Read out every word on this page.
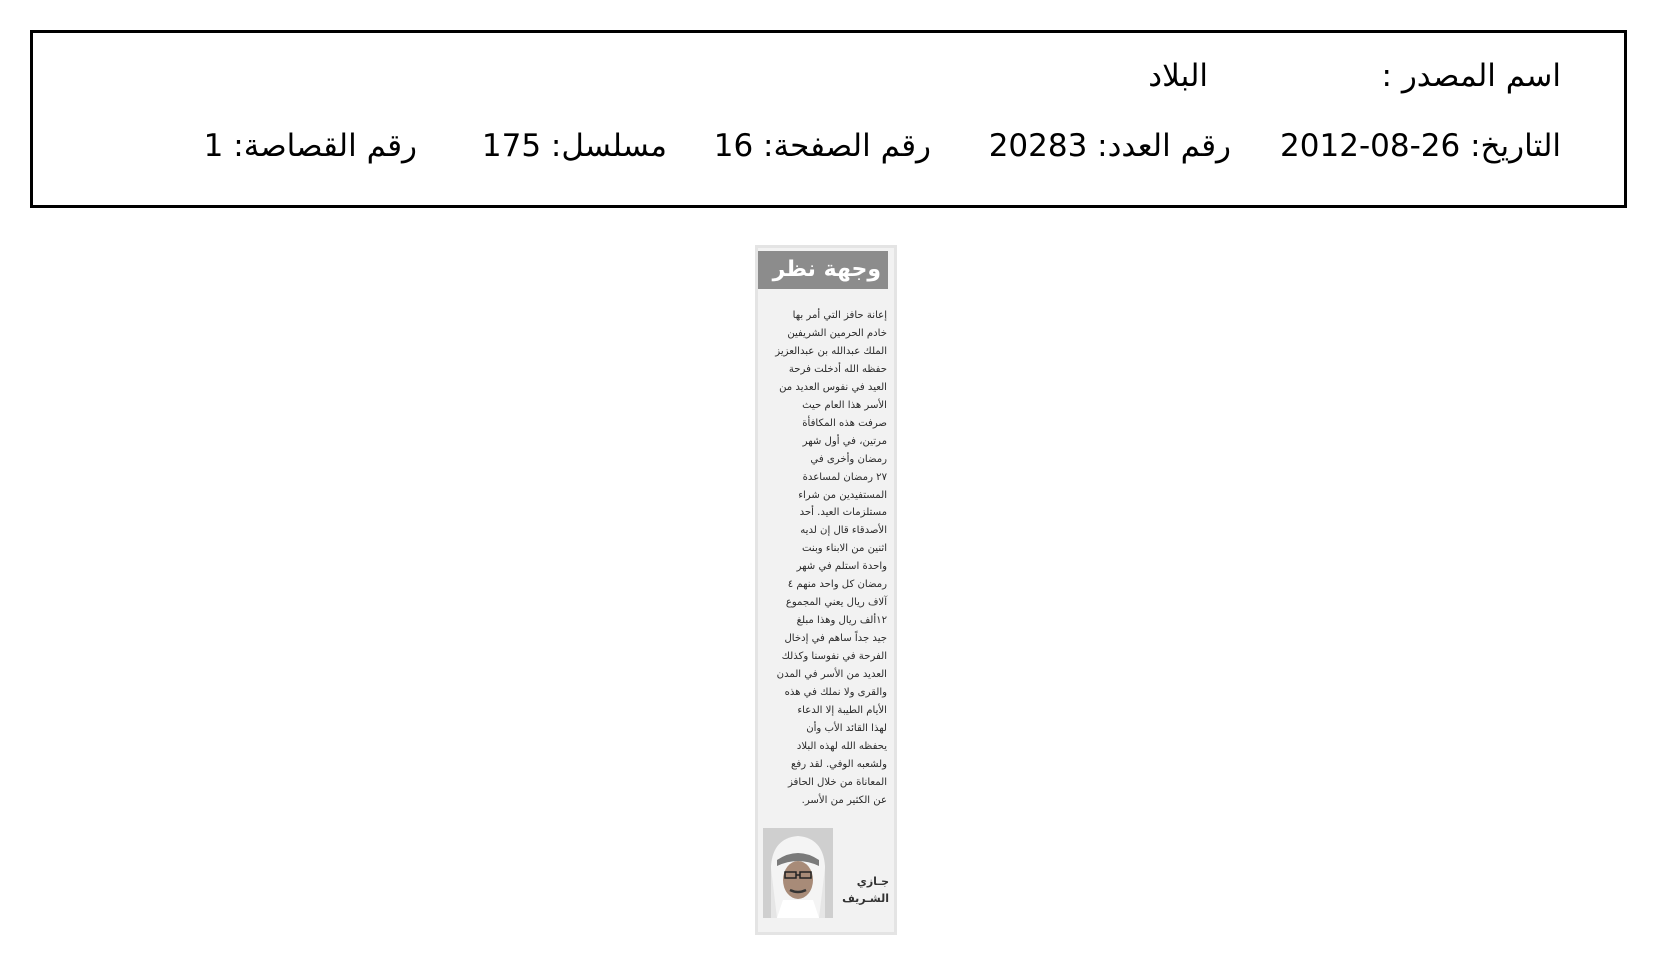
اسم المصدر :
البلاد
التاريخ: 26-08-2012
رقم العدد: 20283
رقم الصفحة: 16
مسلسل: 175
رقم القصاصة: 1
وجهة نظر
إعانة حافز التي أمر بها
خادم الحرمين الشريفين
الملك عبدالله بن عبدالعزيز
حفظه الله أدخلت فرحة
العيد في نفوس العديد من
الأسر هذا العام حيث
صرفت هذه المكافأة
مرتين، في أول شهر
رمضان وأخرى في
٢٧ رمضان لمساعدة
المستفيدين من شراء
مستلزمات العيد. أحد
الأصدقاء قال إن لديه
اثنين من الابناء وبنت
واحدة استلم في شهر
رمضان كل واحد منهم ٤
آلاف ريال يعني المجموع
١٢ألف ريال وهذا مبلغ
جيد جداً ساهم في إدخال
الفرحة في نفوسنا وكذلك
العديد من الأسر في المدن
والقرى ولا نملك في هذه
الأيام الطيبة إلا الدعاء
لهذا القائد الأب وأن
يحفظه الله لهذه البلاد
ولشعبه الوفي. لقد رفع
المعاناة من خلال الحافز
عن الكثير من الأسر.
جـازي
الشـريف
